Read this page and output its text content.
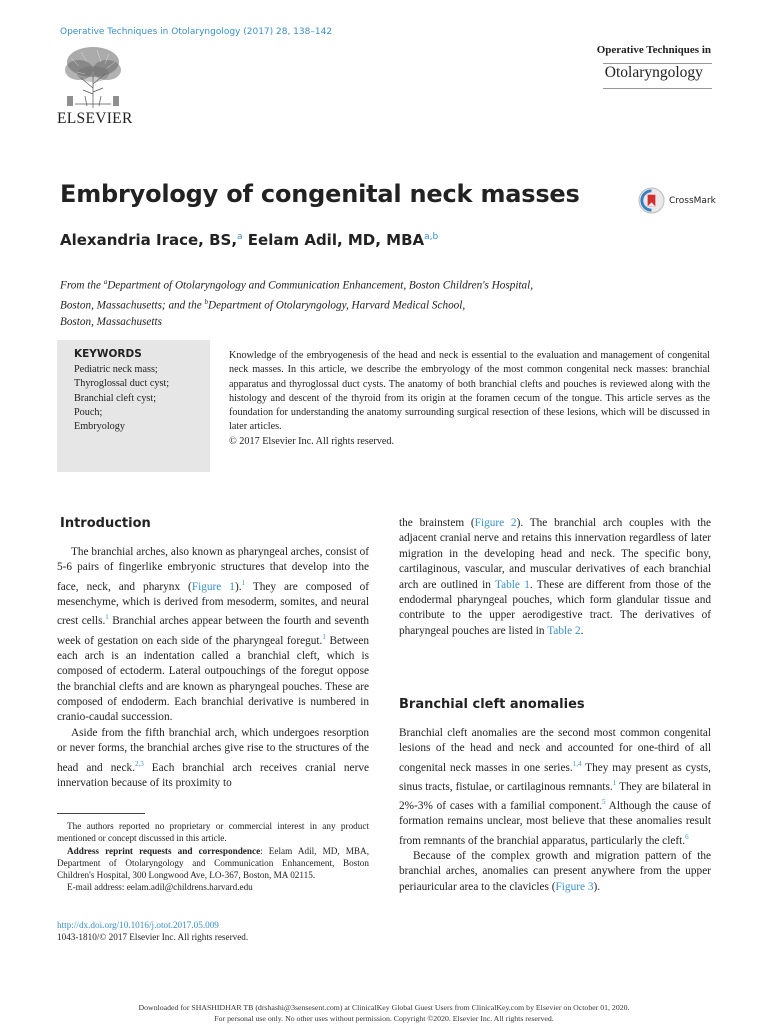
Operative Techniques in Otolaryngology (2017) 28, 138–142
ELSEVIER
Operative Techniques in
Otolaryngology
Embryology of congenital neck masses	CrossMark
Alexandria Irace, BS,$^a$ Eelam Adil, MD, MBA$^{a,b}$
From the $^a$Department of Otolaryngology and Communication Enhancement, Boston Children's Hospital,
Boston, Massachusetts; and the $^b$Department of Otolaryngology, Harvard Medical School,
Boston, Massachusetts
KEYWORDS
Pediatric neck mass;
Thyroglossal duct cyst;
Branchial cleft cyst;
Pouch;
Embryology
Knowledge of the embryogenesis of the head and neck is essential to the evaluation and management of congenital neck masses. In this article, we describe the embryology of the most common congenital neck masses: branchial apparatus and thyroglossal duct cysts. The anatomy of both branchial clefts and pouches is reviewed along with the histology and descent of the thyroid from its origin at the foramen cecum of the tongue. This article serves as the foundation for understanding the anatomy surrounding surgical resection of these lesions, which will be discussed in later articles.
© 2017 Elsevier Inc. All rights reserved.
Introduction

The branchial arches, also known as pharyngeal arches, consist of 5-6 pairs of fingerlike embryonic structures that develop into the face, neck, and pharynx (Figure 1).$^1$ They are composed of mesenchyme, which is derived from mesoderm, somites, and neural crest cells.$^1$ Branchial arches appear between the fourth and seventh week of gestation on each side of the pharyngeal foregut.$^1$ Between each arch is an indentation called a branchial cleft, which is composed of ectoderm. Lateral outpouchings of the foregut oppose the branchial clefts and are known as pharyngeal pouches. These are composed of endoderm. Each branchial derivative is numbered in cranio-caudal succession.

Aside from the fifth branchial arch, which undergoes resorption or never forms, the branchial arches give rise to the structures of the head and neck.$^{2,3}$ Each branchial arch receives cranial nerve innervation because of its proximity to

the brainstem (Figure 2). The branchial arch couples with the adjacent cranial nerve and retains this innervation regardless of later migration in the developing head and neck. The specific bony, cartilaginous, vascular, and muscular derivatives of each branchial arch are outlined in Table 1. These are different from those of the endodermal pharyngeal pouches, which form glandular tissue and contribute to the upper aerodigestive tract. The derivatives of pharyngeal pouches are listed in Table 2.

Branchial cleft anomalies

Branchial cleft anomalies are the second most common congenital lesions of the head and neck and accounted for one-third of all congenital neck masses in one series.$^{1,4}$ They may present as cysts, sinus tracts, fistulae, or cartilaginous remnants.$^1$ They are bilateral in 2%-3% of cases with a familial component.$^5$ Although the cause of formation remains unclear, most believe that these anomalies result from remnants of the branchial apparatus, particularly the cleft.$^6$

Because of the complex growth and migration pattern of the branchial arches, anomalies can present anywhere from the upper periauricular area to the clavicles (Figure 3).

The authors reported no proprietary or commercial interest in any product mentioned or concept discussed in this article.

Address reprint requests and correspondence: Eelam Adil, MD, MBA, Department of Otolaryngology and Communication Enhancement, Boston Children's Hospital, 300 Longwood Ave, LO-367, Boston, MA 02115.

E-mail address: eelam.adil@childrens.harvard.edu

http://dx.doi.org/10.1016/j.otot.2017.05.009
1043-1810/© 2017 Elsevier Inc. All rights reserved.
Downloaded for SHASHIDHAR TB (drshashi@3sensesent.com) at ClinicalKey Global Guest Users from ClinicalKey.com by Elsevier on October 01, 2020.
For personal use only. No other uses without permission. Copyright ©2020. Elsevier Inc. All rights reserved.
